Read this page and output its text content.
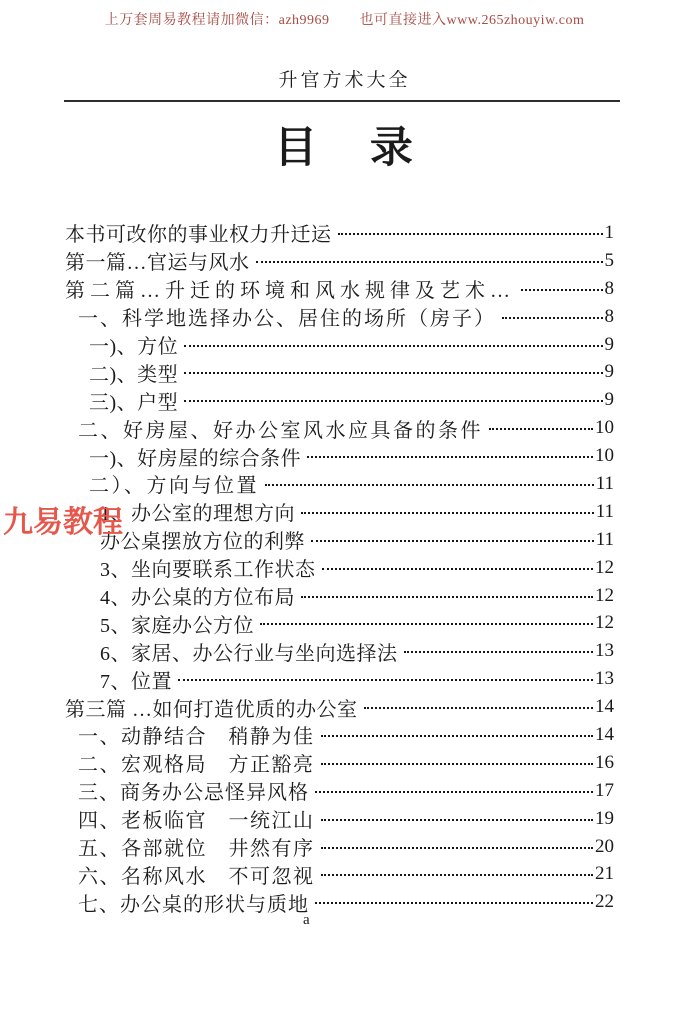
上万套周易教程请加微信：azh9969 也可直接进入www.265zhouyiw.com
升官方术大全
目 录
本书可改你的事业权力升迁运	1
第一篇…官运与风水	5
第二篇…升迁的环境和风水规律及艺术…	8
一、科学地选择办公、居住的场所（房子）	8
一)、方位	9
二)、类型	9
三)、户型	9
二、好房屋、好办公室风水应具备的条件	10
一)、好房屋的综合条件	10
二）、方向与位置	11
1、办公室的理想方向	11
办公桌摆放方位的利弊	11
3、坐向要联系工作状态	12
4、办公桌的方位布局	12
5、家庭办公方位	12
6、家居、办公行业与坐向选择法	13
7、位置	13
第三篇 …如何打造优质的办公室	14
一、动静结合　稍静为佳	14
二、宏观格局　方正豁亮	16
三、商务办公忌怪异风格	17
四、老板临官　一统江山	19
五、各部就位　井然有序	20
六、名称风水　不可忽视	21
七、办公桌的形状与质地	22
九易教程
a
